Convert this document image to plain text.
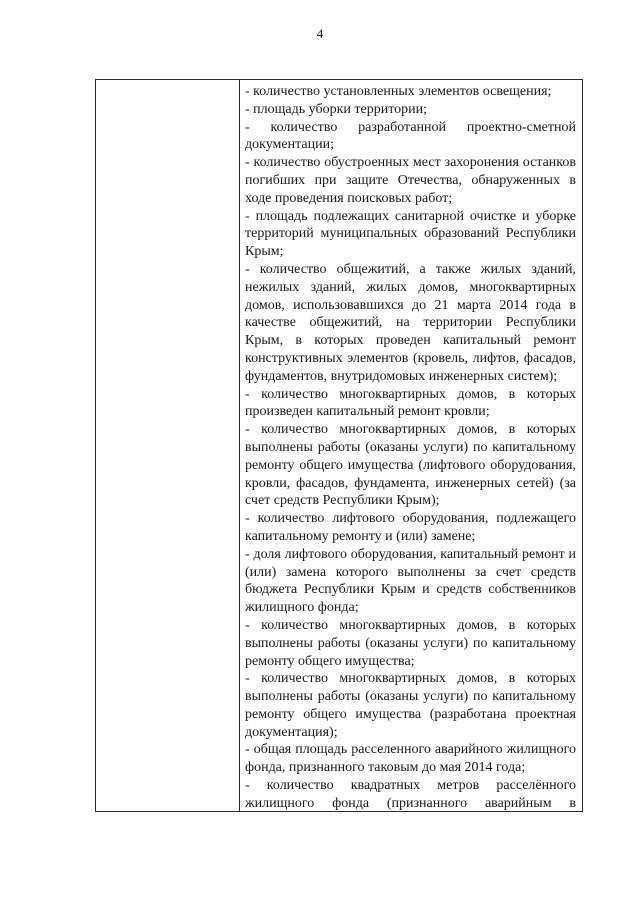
4

- количество установленных элементов освещения;

- площадь уборки территории;

- количество разработанной проектно-сметной документации;

- количество обустроенных мест захоронения останков погибших при защите Отечества, обнаруженных в ходе проведения поисковых работ;

- площадь подлежащих санитарной очистке и уборке территорий муниципальных образований Республики Крым;

- количество общежитий, а также жилых зданий, нежилых зданий, жилых домов, многоквартирных домов, использовавшихся до 21 марта 2014 года в качестве общежитий, на территории Республики Крым, в которых проведен капитальный ремонт конструктивных элементов (кровель, лифтов, фасадов, фундаментов, внутридомовых инженерных систем);

- количество многоквартирных домов, в которых произведен капитальный ремонт кровли;

- количество многоквартирных домов, в которых выполнены работы (оказаны услуги) по капитальному ремонту общего имущества (лифтового оборудования, кровли, фасадов, фундамента, инженерных сетей) (за счет средств Республики Крым);

- количество лифтового оборудования, подлежащего капитальному ремонту и (или) замене;

- доля лифтового оборудования, капитальный ремонт и (или) замена которого выполнены за счет средств бюджета Республики Крым и средств собственников жилищного фонда;

- количество многоквартирных домов, в которых выполнены работы (оказаны услуги) по капитальному ремонту общего имущества;

- количество многоквартирных домов, в которых выполнены работы (оказаны услуги) по капитальному ремонту общего имущества (разработана проектная документация);

- общая площадь расселенного аварийного жилищного фонда, признанного таковым до мая 2014 года;

- количество квадратных метров расселённого жилищного фонда (признанного аварийным в
